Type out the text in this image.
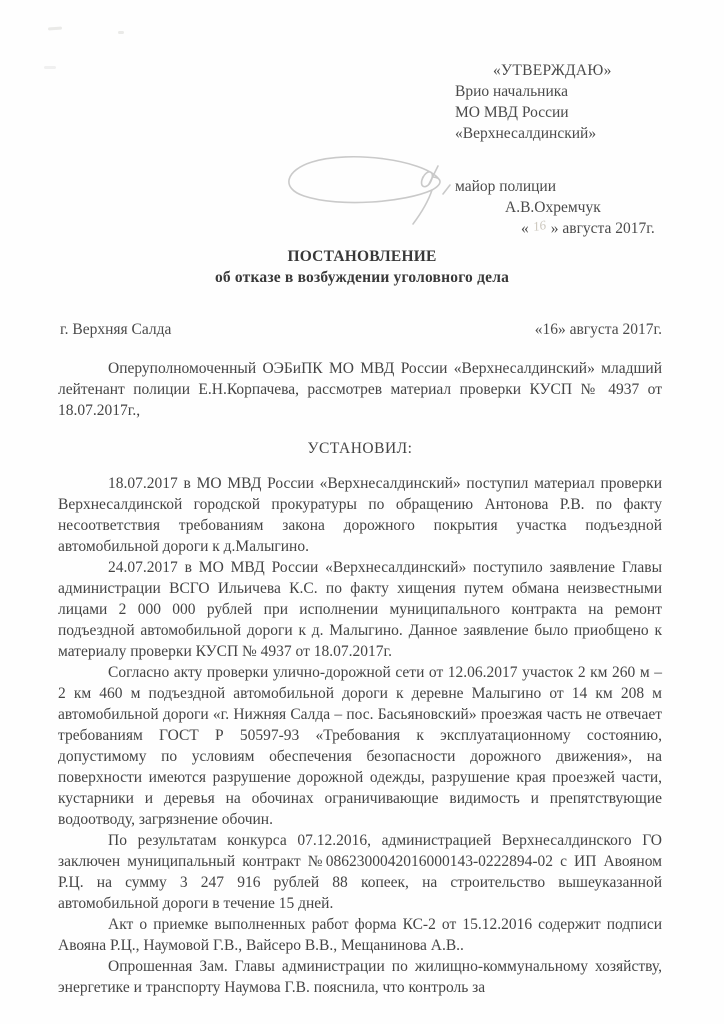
«УТВЕРЖДАЮ»
Врио начальника
МО МВД России
«Верхнесалдинский»
майор полиции
А.В.Охремчук
« 16 » августа 2017г.
ПОСТАНОВЛЕНИЕ
об отказе в возбуждении уголовного дела
г. Верхняя Салда	«16» августа 2017г.

Оперуполномоченный ОЭБиПК МО МВД России «Верхнесалдинский» младший лейтенант полиции Е.Н.Корпачева, рассмотрев материал проверки КУСП № 4937 от 18.07.2017г.,

УСТАНОВИЛ:

18.07.2017 в МО МВД России «Верхнесалдинский» поступил материал проверки Верхнесалдинской городской прокуратуры по обращению Антонова Р.В. по факту несоответствия требованиям закона дорожного покрытия участка подъездной автомобильной дороги к д.Малыгино.

24.07.2017 в МО МВД России «Верхнесалдинский» поступило заявление Главы администрации ВСГО Ильичева К.С. по факту хищения путем обмана неизвестными лицами 2 000 000 рублей при исполнении муниципального контракта на ремонт подъездной автомобильной дороги к д. Малыгино. Данное заявление было приобщено к материалу проверки КУСП № 4937 от 18.07.2017г.

Согласно акту проверки улично-дорожной сети от 12.06.2017 участок 2 км 260 м – 2 км 460 м подъездной автомобильной дороги к деревне Малыгино от 14 км 208 м автомобильной дороги «г. Нижняя Салда – пос. Басьяновский» проезжая часть не отвечает требованиям ГОСТ Р 50597-93 «Требования к эксплуатационному состоянию, допустимому по условиям обеспечения безопасности дорожного движения», на поверхности имеются разрушение дорожной одежды, разрушение края проезжей части, кустарники и деревья на обочинах ограничивающие видимость и препятствующие водоотводу, загрязнение обочин.

По результатам конкурса 07.12.2016, администрацией Верхнесалдинского ГО заключен муниципальный контракт №0862300042016000143-0222894-02 с ИП Авояном Р.Ц. на сумму 3 247 916 рублей 88 копеек, на строительство вышеуказанной автомобильной дороги в течение 15 дней.

Акт о приемке выполненных работ форма КС-2 от 15.12.2016 содержит подписи Авояна Р.Ц., Наумовой Г.В., Вайсеро В.В., Мещанинова А.В..

Опрошенная Зам. Главы администрации по жилищно-коммунальному хозяйству, энергетике и транспорту Наумова Г.В. пояснила, что контроль за
